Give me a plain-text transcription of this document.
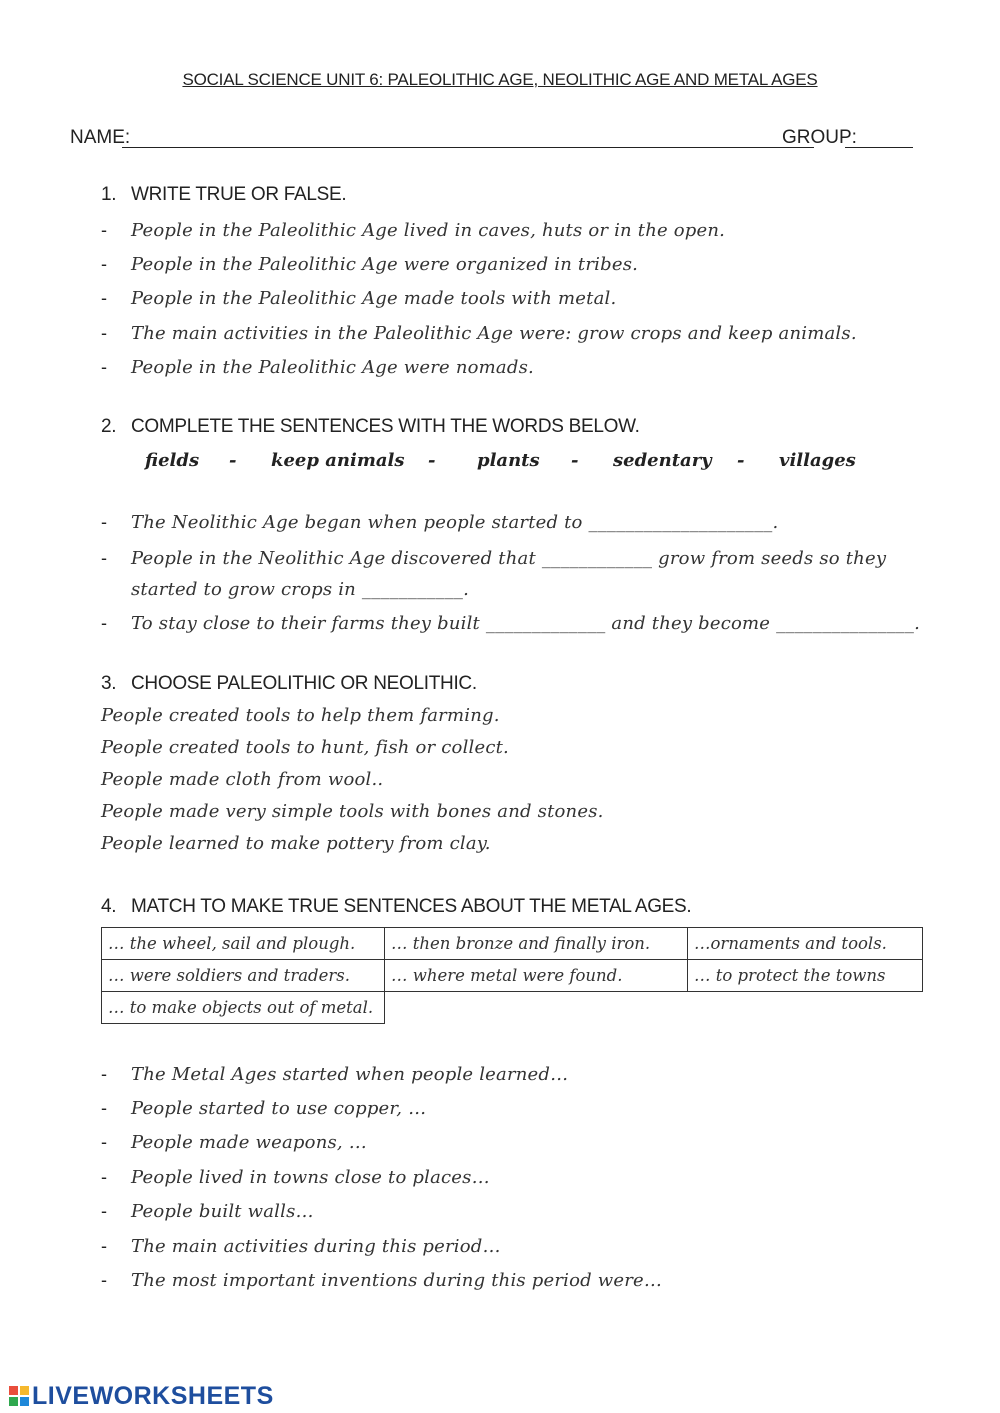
SOCIAL SCIENCE UNIT 6: PALEOLITHIC AGE, NEOLITHIC AGE AND METAL AGES
NAME:	GROUP:
1. WRITE TRUE OR FALSE.
- People in the Paleolithic Age lived in caves, huts or in the open.
- People in the Paleolithic Age were organized in tribes.
- People in the Paleolithic Age made tools with metal.
- The main activities in the Paleolithic Age were: grow crops and keep animals.
- People in the Paleolithic Age were nomads.
2. COMPLETE THE SENTENCES WITH THE WORDS BELOW.
fields - keep animals - plants - sedentary - villages
- The Neolithic Age began when people started to ____________________.
- People in the Neolithic Age discovered that ____________ grow from seeds so they
started to grow crops in ___________.
- To stay close to their farms they built _____________ and they become _______________.
3. CHOOSE PALEOLITHIC OR NEOLITHIC.
People created tools to help them farming.
People created tools to hunt, fish or collect.
People made cloth from wool..
People made very simple tools with bones and stones.
People learned to make pottery from clay.
4. MATCH TO MAKE TRUE SENTENCES ABOUT THE METAL AGES.
… the wheel, sail and plough.	… then bronze and finally iron.	…ornaments and tools.
… were soldiers and traders.	… where metal were found.	… to protect the towns
… to make objects out of metal.		
- The Metal Ages started when people learned…
- People started to use copper, …
- People made weapons, …
- People lived in towns close to places…
- People built walls…
- The main activities during this period…
- The most important inventions during this period were…
LIVEWORKSHEETS
